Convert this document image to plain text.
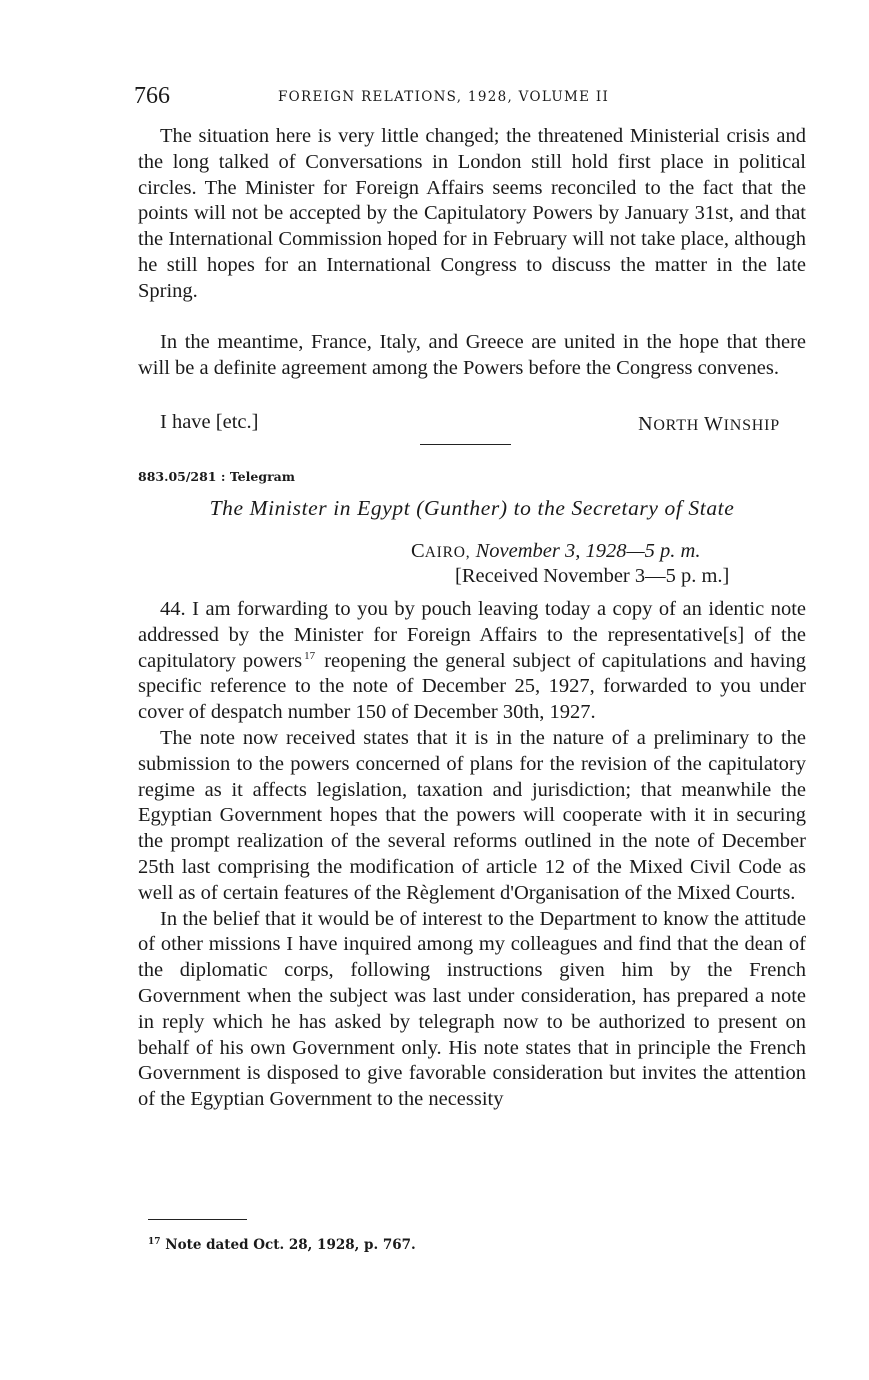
766	FOREIGN RELATIONS, 1928, VOLUME II

The situation here is very little changed; the threatened Ministerial crisis and the long talked of Conversations in London still hold first place in political circles. The Minister for Foreign Affairs seems reconciled to the fact that the points will not be accepted by the Capitulatory Powers by January 31st, and that the International Commission hoped for in February will not take place, although he still hopes for an International Congress to discuss the matter in the late Spring.

In the meantime, France, Italy, and Greece are united in the hope that there will be a definite agreement among the Powers before the Congress convenes.

I have [etc.]	NORTH WINSHIP
883.05/281 : Telegram
The Minister in Egypt (Gunther) to the Secretary of State
CAIRO, November 3, 1928—5 p. m.
[Received November 3—5 p. m.]

44. I am forwarding to you by pouch leaving today a copy of an identic note addressed by the Minister for Foreign Affairs to the representative[s] of the capitulatory powers $^{17}$ reopening the general subject of capitulations and having specific reference to the note of December 25, 1927, forwarded to you under cover of despatch number 150 of December 30th, 1927.

The note now received states that it is in the nature of a preliminary to the submission to the powers concerned of plans for the revision of the capitulatory regime as it affects legislation, taxation and jurisdiction; that meanwhile the Egyptian Government hopes that the powers will cooperate with it in securing the prompt realization of the several reforms outlined in the note of December 25th last comprising the modification of article 12 of the Mixed Civil Code as well as of certain features of the Règlement d'Organisation of the Mixed Courts.

In the belief that it would be of interest to the Department to know the attitude of other missions I have inquired among my colleagues and find that the dean of the diplomatic corps, following instructions given him by the French Government when the subject was last under consideration, has prepared a note in reply which he has asked by telegraph now to be authorized to present on behalf of his own Government only. His note states that in principle the French Government is disposed to give favorable consideration but invites the attention of the Egyptian Government to the necessity

$^{17}$ Note dated Oct. 28, 1928, p. 767.
